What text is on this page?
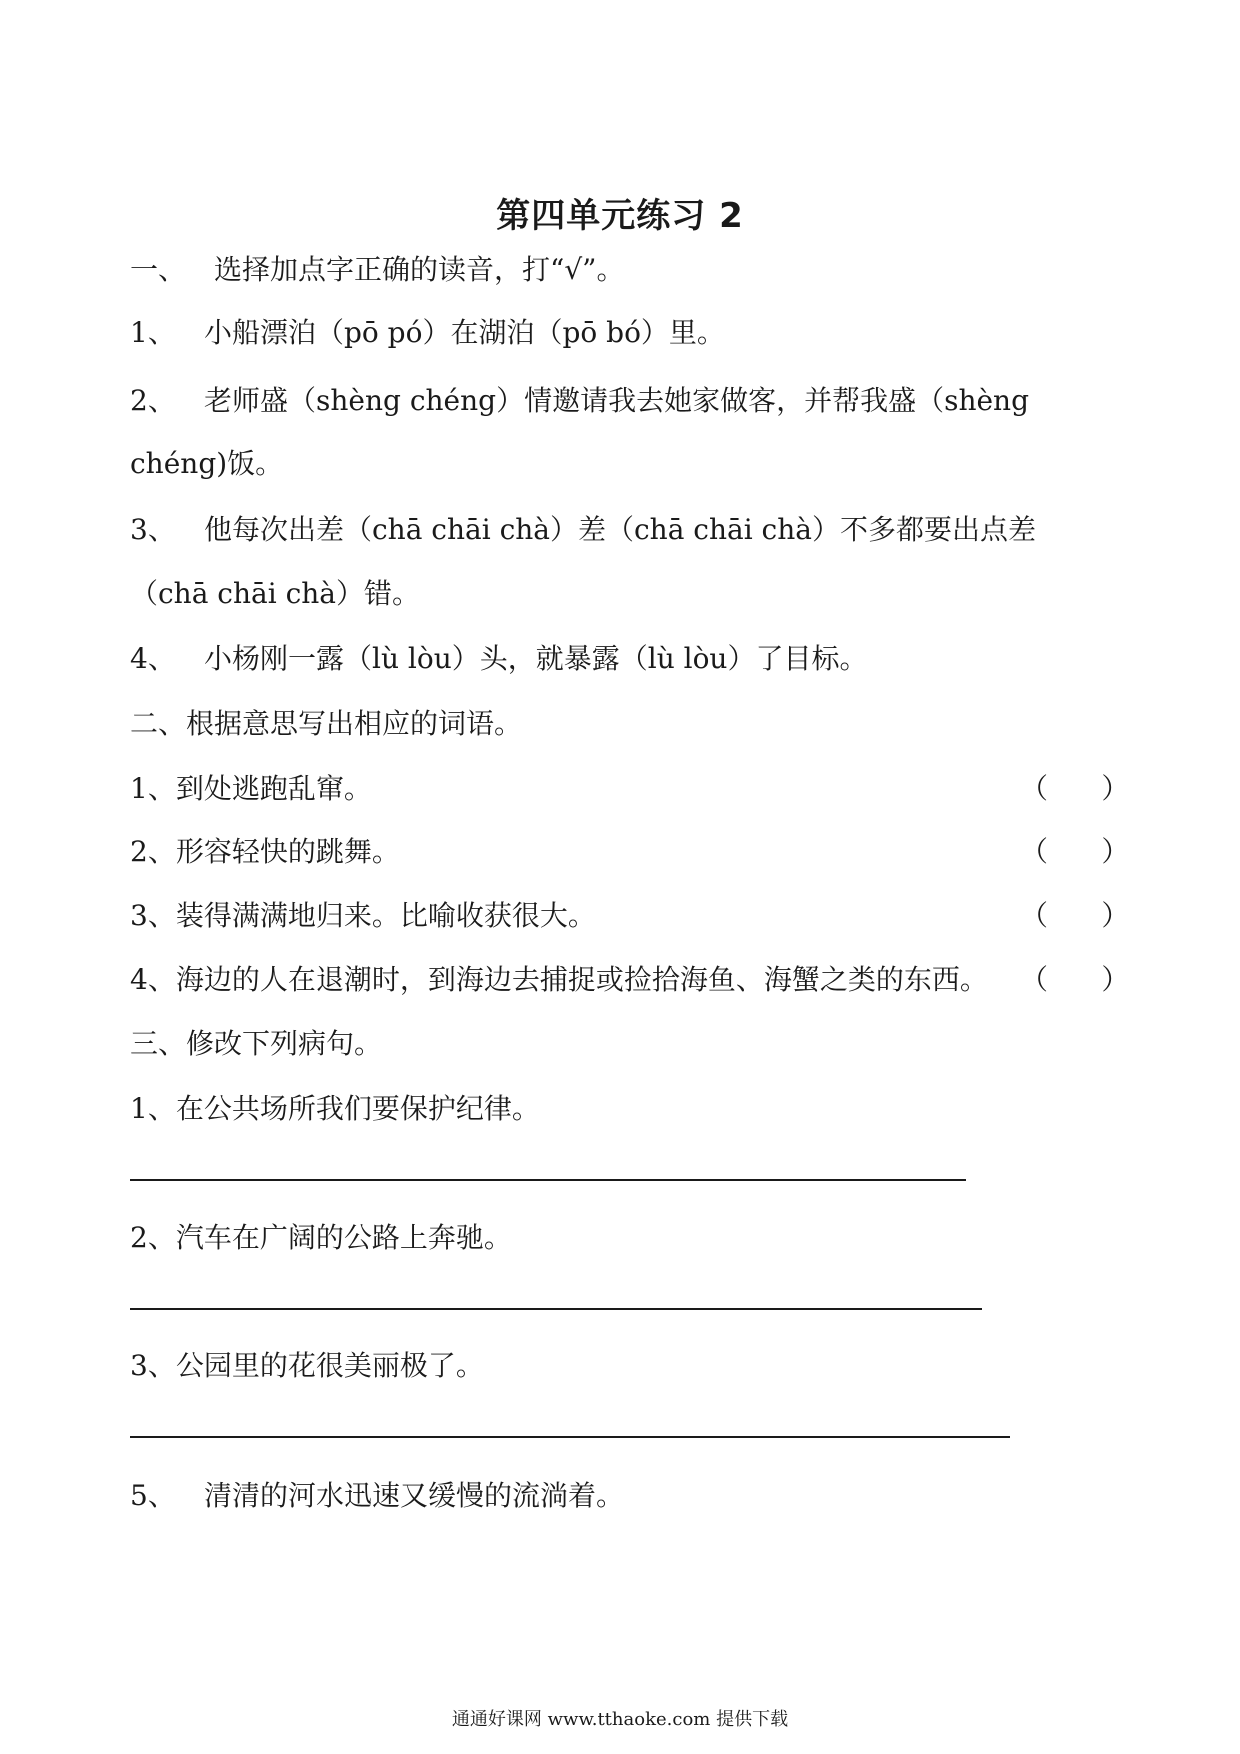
第四单元练习 2
一、 选择加点字正确的读音，打“√”。
1、 小船漂泊（pō pó）在湖泊（pō bó）里。
2、 老师盛（shèng chéng）情邀请我去她家做客，并帮我盛（shèng
chéng)饭。
3、 他每次出差（chā chāi chà）差（chā chāi chà）不多都要出点差
（chā chāi chà）错。
4、 小杨刚一露（lù lòu）头，就暴露（lù lòu）了目标。
二、根据意思写出相应的词语。
1、到处逃跑乱窜。	（      ）
2、形容轻快的跳舞。	（      ）
3、装得满满地归来。比喻收获很大。	（      ）
4、海边的人在退潮时，到海边去捕捉或捡拾海鱼、海蟹之类的东西。 （      ）
三、修改下列病句。
1、在公共场所我们要保护纪律。
2、汽车在广阔的公路上奔驰。
3、公园里的花很美丽极了。
5、 清清的河水迅速又缓慢的流淌着。
通通好课网 www.tthaoke.com 提供下载
